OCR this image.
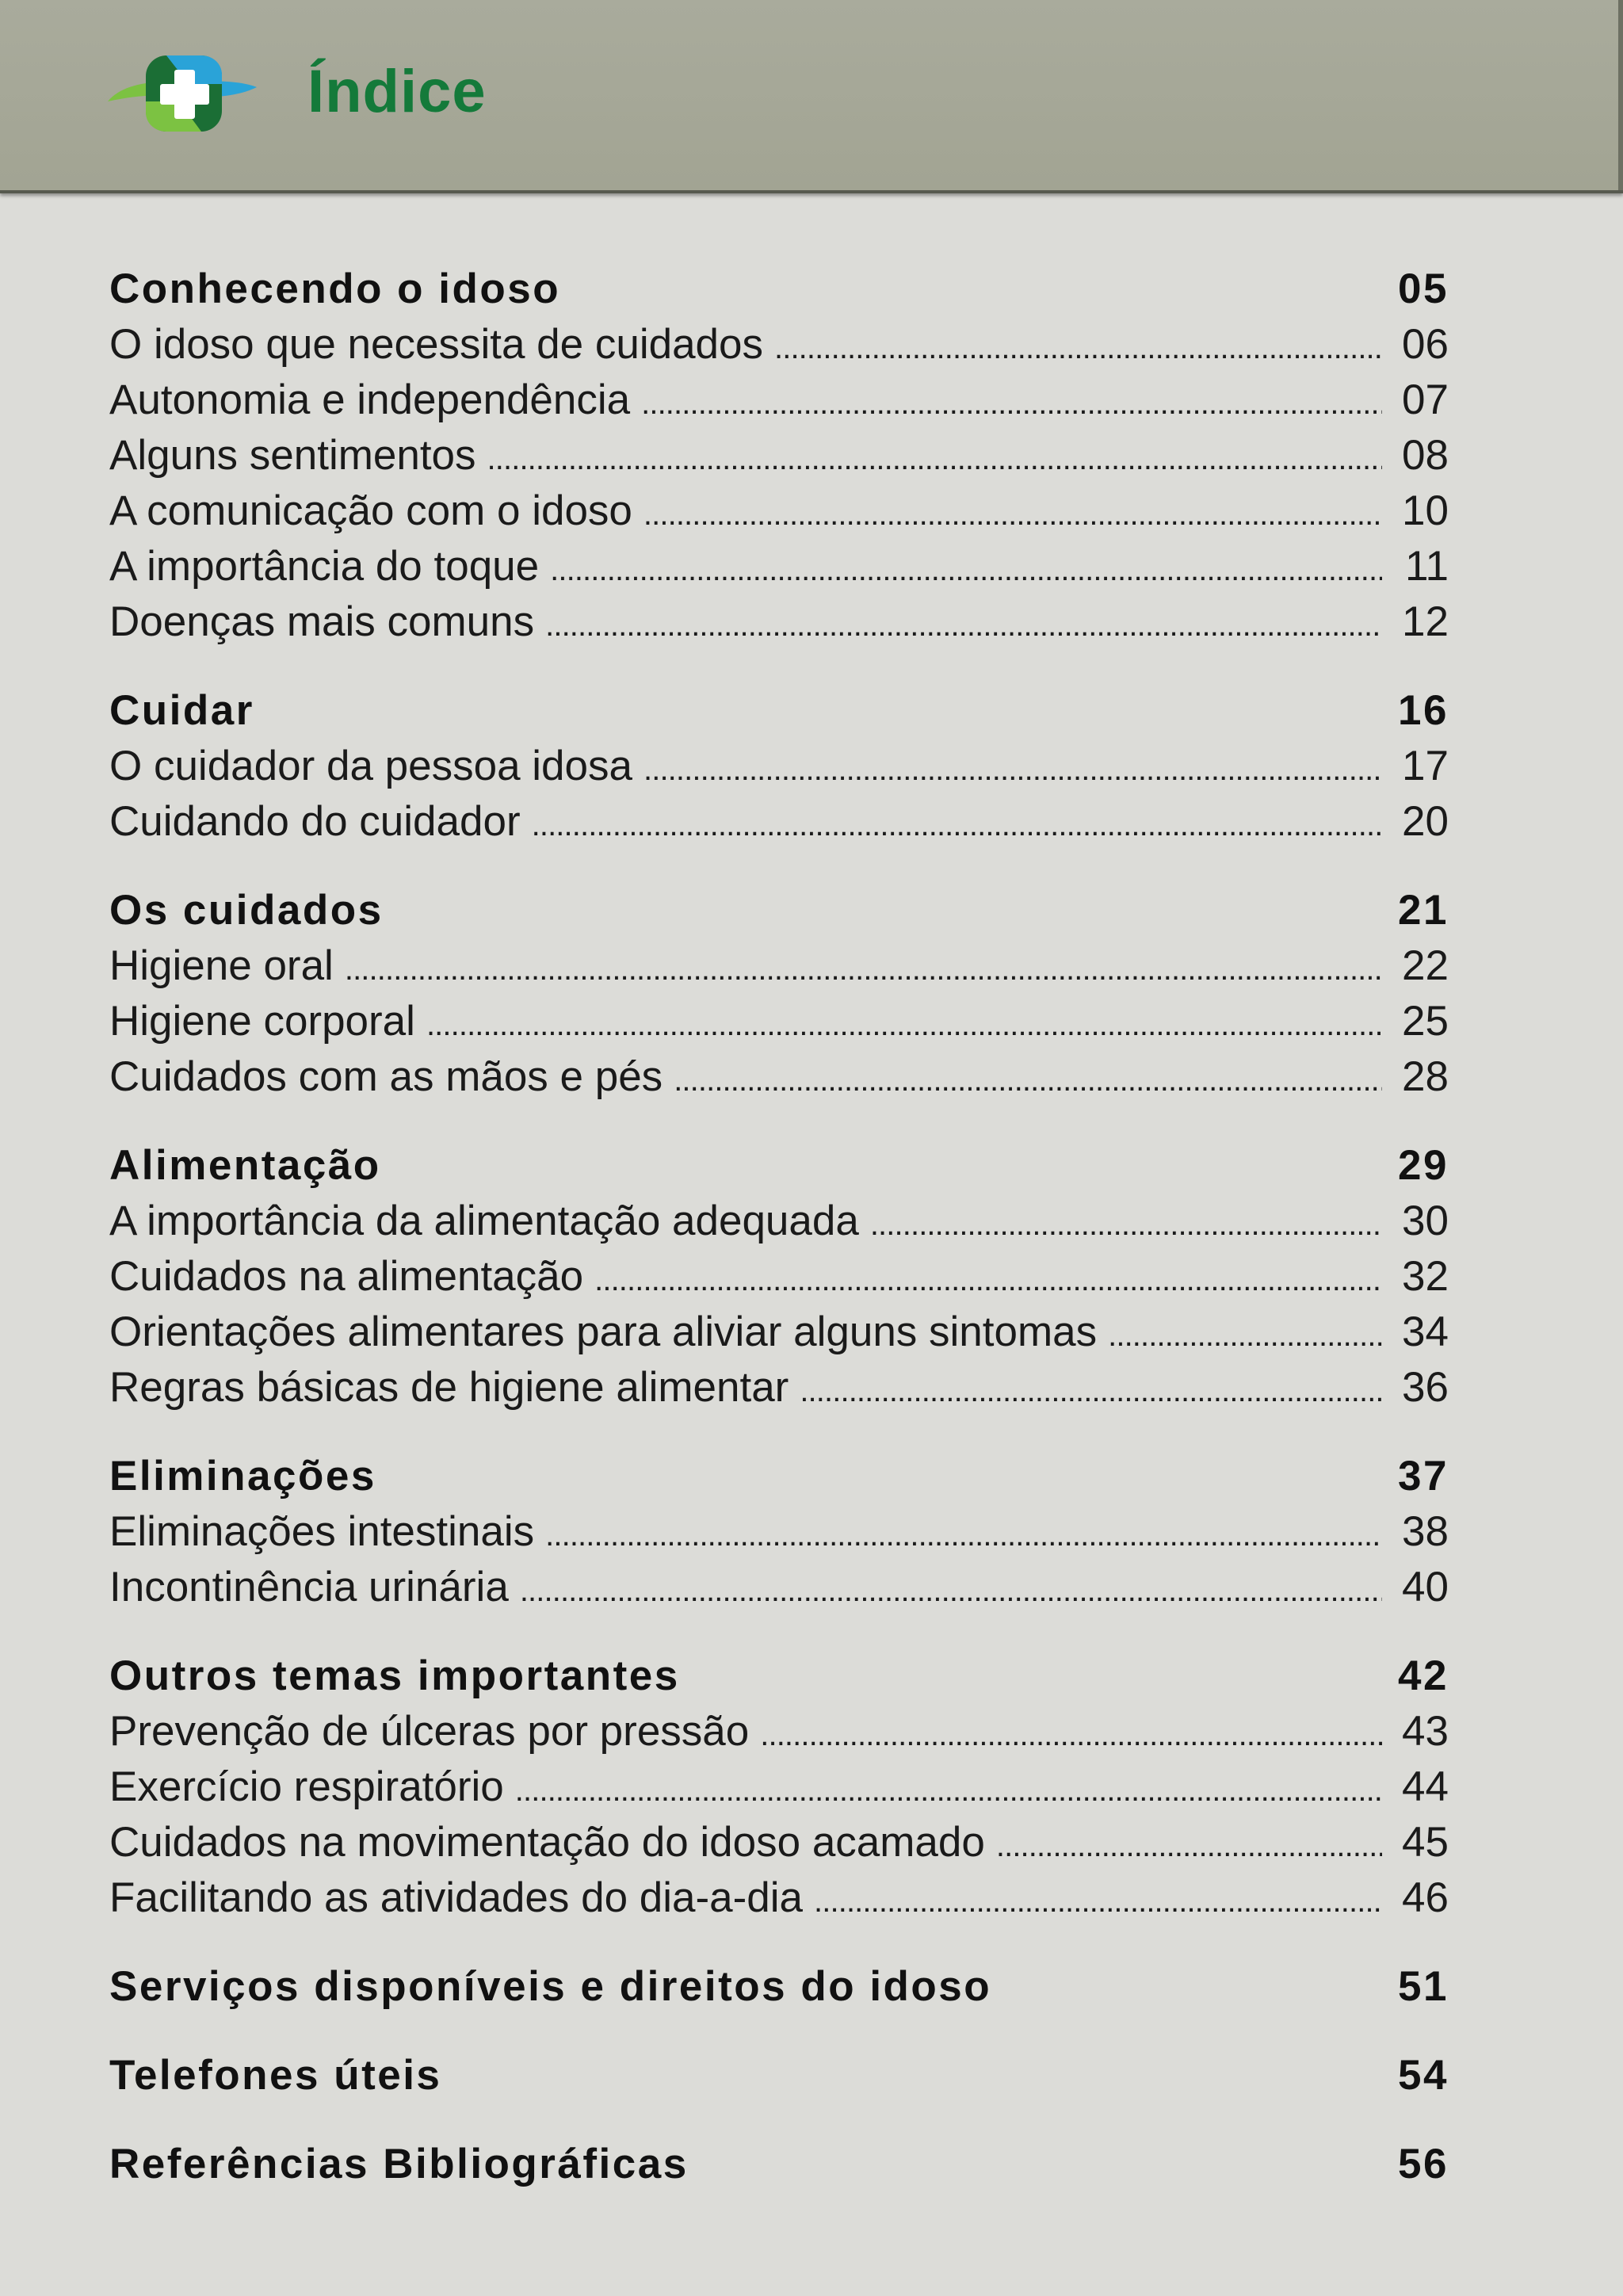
Índice
Conhecendo o idoso	05
O idoso que necessita de cuidados . . .	06
Autonomia e independência . . .	07
Alguns sentimentos . . .	08
A comunicação com o idoso . . .	10
A importância do toque . . .	11
Doenças mais comuns . . .	12
Cuidar	16
O cuidador da pessoa idosa . . .	17
Cuidando do cuidador . . .	20
Os cuidados	21
Higiene oral . . .	22
Higiene corporal . . .	25
Cuidados com as mãos e pés . . .	28
Alimentação	29
A importância da alimentação adequada . . .	30
Cuidados na alimentação . . .	32
Orientações alimentares para aliviar alguns sintomas . . .	34
Regras básicas de higiene alimentar . . .	36
Eliminações	37
Eliminações intestinais . . .	38
Incontinência urinária . . .	40
Outros temas importantes	42
Prevenção de úlceras por pressão . . .	43
Exercício respiratório . . .	44
Cuidados na movimentação do idoso acamado . . .	45
Facilitando as atividades do dia-a-dia . . .	46
Serviços disponíveis e direitos do idoso	51
Telefones úteis	54
Referências Bibliográficas	56
